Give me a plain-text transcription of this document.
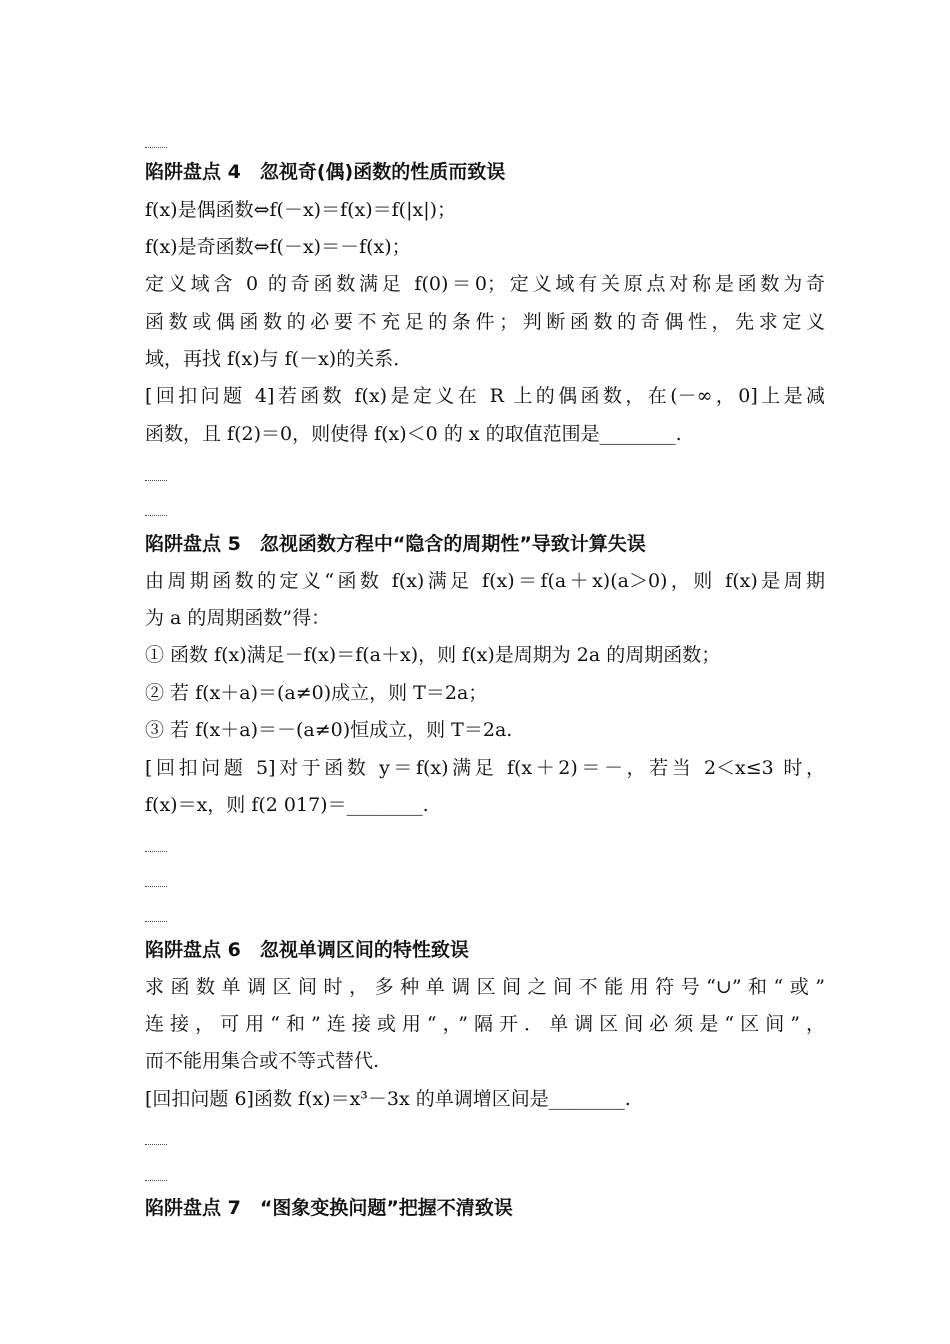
陷阱盘点 4　忽视奇(偶)函数的性质而致误
f(x)是偶函数⇔f(－x)＝f(x)＝f(|x|)；
f(x)是奇函数⇔f(－x)＝－f(x)；
定义域含 0 的奇函数满足 f(0)＝0；定义域有关原点对称是函数为奇
函数或偶函数的必要不充足的条件；判断函数的奇偶性，先求定义
域，再找 f(x)与 f(－x)的关系．
[回扣问题 4]若函数 f(x)是定义在 R 上的偶函数，在(－∞，0]上是减
函数，且 f(2)＝0，则使得 f(x)＜0 的 x 的取值范围是________.
陷阱盘点 5　忽视函数方程中“隐含的周期性”导致计算失误
由周期函数的定义“函数 f(x)满足 f(x)＝f(a＋x)(a＞0)，则 f(x)是周期
为 a 的周期函数”得：
① 函数 f(x)满足－f(x)＝f(a＋x)，则 f(x)是周期为 2a 的周期函数；
② 若 f(x＋a)＝(a≠0)成立，则 T＝2a；
③ 若 f(x＋a)＝－(a≠0)恒成立，则 T＝2a.
[回扣问题 5]对于函数 y＝f(x)满足 f(x＋2)＝－，若当 2＜x≤3 时，
f(x)＝x，则 f(2 017)＝________.
陷阱盘点 6　忽视单调区间的特性致误
求函数单调区间时，多种单调区间之间不能用符号“∪”和“或”
连接，可用“和”连接或用“，”隔开．单调区间必须是“区间”，
而不能用集合或不等式替代.
[回扣问题 6]函数 f(x)＝x³－3x 的单调增区间是________.
陷阱盘点 7　“图象变换问题”把握不清致误
